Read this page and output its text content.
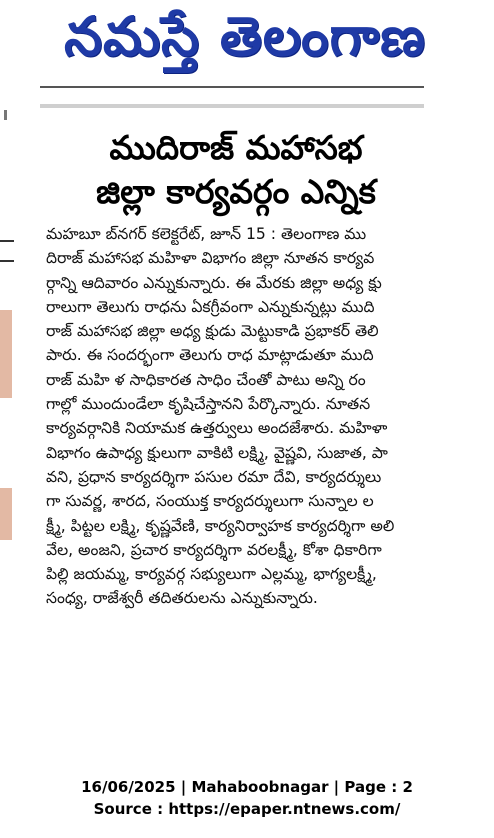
నమస్తే తెలంగాణ
ముదిరాజ్ మహాసభ
జిల్లా కార్యవర్గం ఎన్నిక
మహబూ బ్‌నగర్ కలెక్టరేట్, జూన్ 15 : తెలంగాణ ము
దిరాజ్ మహాసభ మహిళా విభాగం జిల్లా నూతన కార్యవ
ర్గాన్ని ఆదివారం ఎన్నుకున్నారు. ఈ మేరకు జిల్లా అధ్య క్షు
రాలుగా తెలుగు రాధను ఏకగ్రీవంగా ఎన్నుకున్నట్లు ముది
రాజ్ మహాసభ జిల్లా అధ్య క్షుడు మెట్టుకాడి ప్రభాకర్ తెలి
పారు. ఈ సందర్భంగా తెలుగు రాధ మాట్లాడుతూ ముది
రాజ్ మహి ళ సాధికారత సాధిం చేంతో పాటు అన్ని రం
గాల్లో ముందుండేలా కృషిచేస్తానని పేర్కొన్నారు. నూతన
కార్యవర్గానికి నియామక ఉత్తర్వులు అందజేశారు. మహిళా
విభాగం ఉపాధ్య క్షులుగా వాకిటి లక్ష్మి, వైష్ణవి, సుజాత, పా
వని, ప్రధాన కార్యదర్శిగా పసుల రమా దేవి, కార్యదర్శులు
గా సువర్ణ, శారద, సంయుక్త కార్యదర్శులుగా సున్నాల ల
క్ష్మీ, పిట్టల లక్ష్మి, కృష్ణవేణి, కార్యనిర్వాహక కార్యదర్శిగా అలి
వేల, అంజని, ప్రచార కార్యదర్శిగా వరలక్ష్మీ, కోశా ధికారిగా
పిల్లి జయమ్మ, కార్యవర్గ సభ్యులుగా ఎల్లమ్మ, భాగ్యలక్ష్మీ,
సంధ్య, రాజేశ్వరీ తదితరులను ఎన్నుకున్నారు.
16/06/2025 | Mahaboobnagar | Page : 2
Source : https://epaper.ntnews.com/
